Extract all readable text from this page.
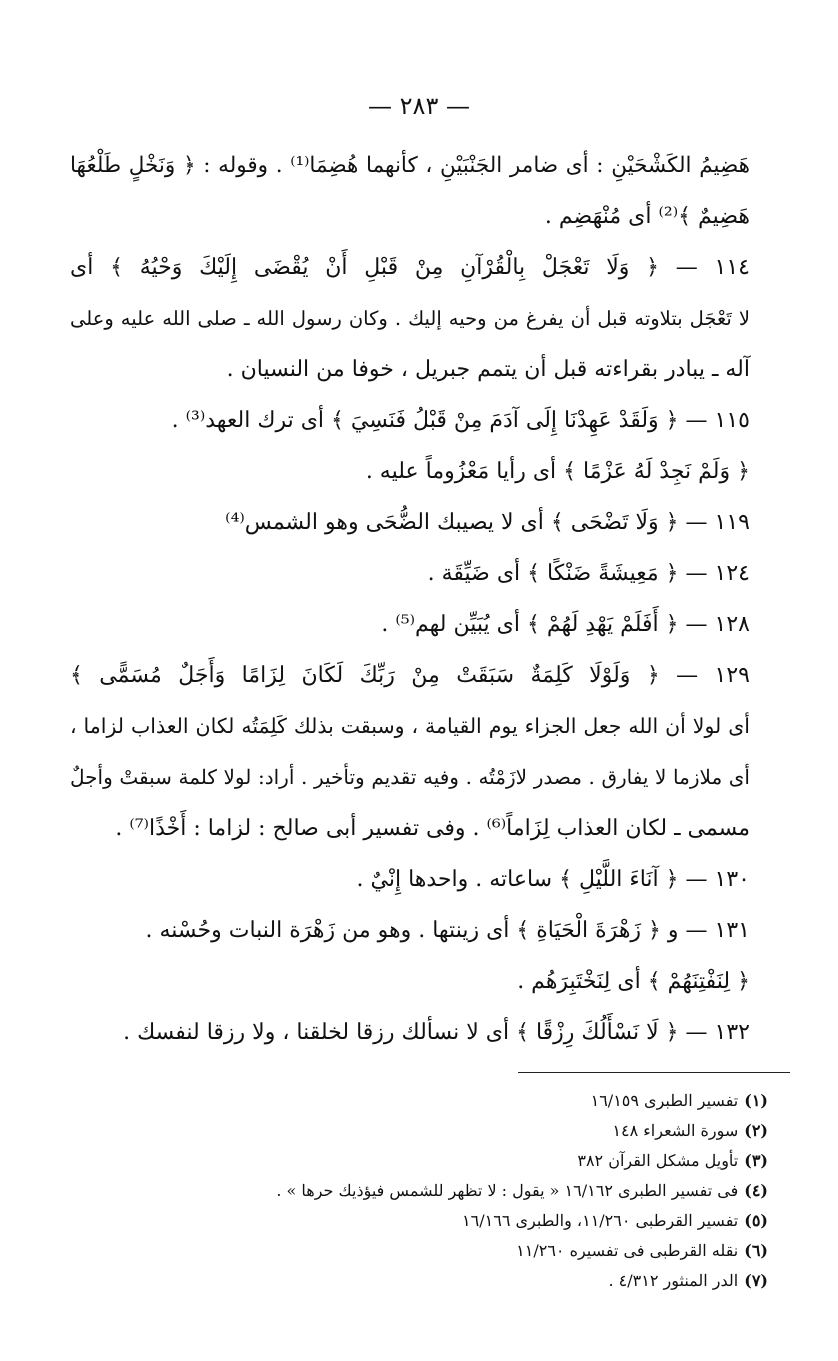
— ٢٨٣ —
هَضِيمُ الكَشْحَيْنِ : أى ضامر الجَنْبَيْنِ ، كأنهما هُضِمَا⁽¹⁾ . وقوله : ﴿ وَنَخْلٍ طَلْعُهَا
هَضِيمٌ ﴾⁽²⁾ أى مُنْهَضِم .
١١٤ — ﴿ وَلَا تَعْجَلْ بِالْقُرْآنِ مِنْ قَبْلِ أَنْ يُقْضَى إِلَيْكَ وَحْيُهُ ﴾ أى
لا تَعْجَل بتلاوته قبل أن يفرغ من وحيه إليك . وكان رسول الله ـ صلى الله عليه وعلى
آله ـ يبادر بقراءته قبل أن يتمم جبريل ، خوفا من النسيان .
١١٥ — ﴿ وَلَقَدْ عَهِدْنَا إِلَى آدَمَ مِنْ قَبْلُ فَنَسِيَ ﴾ أى ترك العهد⁽³⁾ .
﴿ وَلَمْ نَجِدْ لَهُ عَزْمًا ﴾ أى رأيا مَعْزُوماً عليه .
١١٩ — ﴿ وَلَا تَضْحَى ﴾ أى لا يصيبك الضُّحَى وهو الشمس⁽⁴⁾
١٢٤ — ﴿ مَعِيشَةً ضَنْكًا ﴾ أى ضَيِّقَة .
١٢٨ — ﴿ أَفَلَمْ يَهْدِ لَهُمْ ﴾ أى يُبَيِّن لهم⁽⁵⁾ .
١٢٩ — ﴿ وَلَوْلَا كَلِمَةٌ سَبَقَتْ مِنْ رَبِّكَ لَكَانَ لِزَامًا وَأَجَلٌ مُسَمًّى ﴾
أى لولا أن الله جعل الجزاء يوم القيامة ، وسبقت بذلك كَلِمَتُه لكان العذاب لزاما ،
أى ملازما لا يفارق . مصدر لازَمْتُه . وفيه تقديم وتأخير . أراد: لولا كلمة سبقتْ وأجلٌ
مسمى ـ لكان العذاب لِزَاماً⁽⁶⁾ . وفى تفسير أبى صالح : لزاما : أَخْذًا⁽⁷⁾ .
١٣٠ — ﴿ آنَاءَ اللَّيْلِ ﴾ ساعاته . واحدها إِنْيٌ .
١٣١ — و ﴿ زَهْرَةَ الْحَيَاةِ ﴾ أى زينتها . وهو من زَهْرَة النبات وحُسْنه .
﴿ لِنَفْتِنَهُمْ ﴾ أى لِنَخْتَبِرَهُم .
١٣٢ — ﴿ لَا نَسْأَلُكَ رِزْقًا ﴾ أى لا نسألك رزقا لخلقنا ، ولا رزقا لنفسك .
(١)تفسير الطبرى ١٦/١٥٩
(٢)سورة الشعراء ١٤٨
(٣)تأويل مشكل القرآن ٣٨٢
(٤)فى تفسير الطبرى ١٦/١٦٢ « يقول : لا تظهر للشمس فيؤذيك حرها » .
(٥)تفسير القرطبى ١١/٢٦٠، والطبرى ١٦/١٦٦
(٦)نقله القرطبى فى تفسيره ١١/٢٦٠
(٧)الدر المنثور ٤/٣١٢ .
